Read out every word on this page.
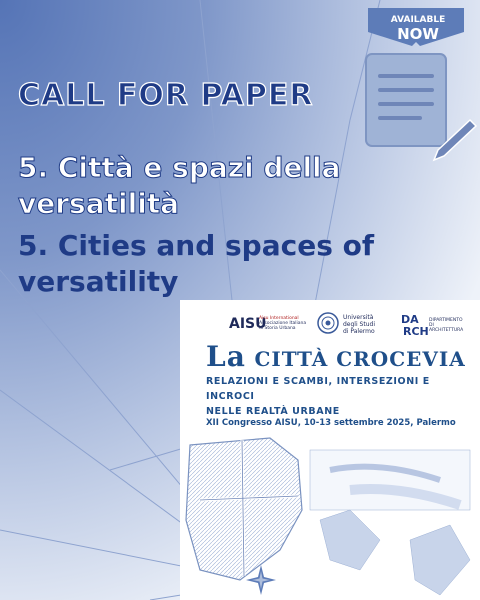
AVAILABLE
NOW
CALL FOR PAPER
5. Città e spazi della
versatilità
5. Cities and spaces of
versatility
AISU
Aisu International
Associazione Italiana
di Storia Urbana
Università
degli Studi
di Palermo
DA
RCH
DIPARTIMENTO
DI ARCHITETTURA
La CITTÀ CROCEVIA
RELAZIONI E SCAMBI, INTERSEZIONI E INCROCI
NELLE REALTÀ URBANE
XII Congresso AISU, 10-13 settembre 2025, Palermo
